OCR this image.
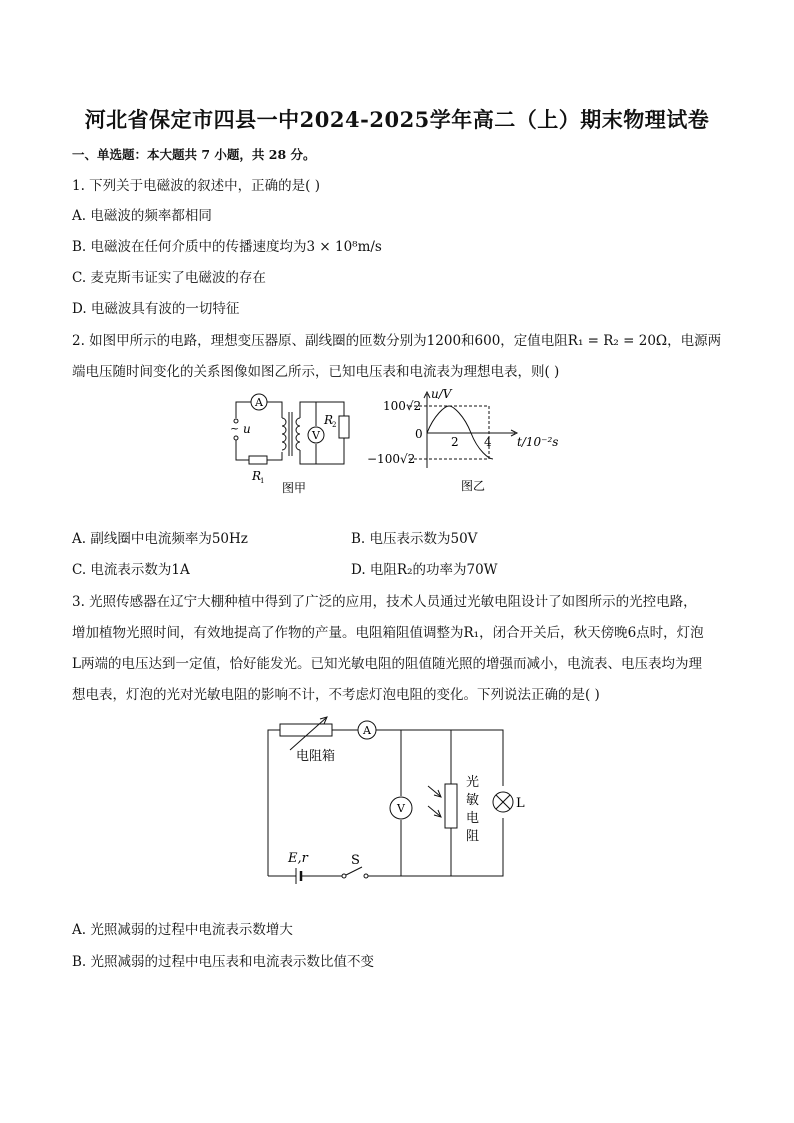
河北省保定市四县一中2024-2025学年高二（上）期末物理试卷
一、单选题：本大题共 7 小题，共 28 分。
1. 下列关于电磁波的叙述中，正确的是( )
A. 电磁波的频率都相同
B. 电磁波在任何介质中的传播速度均为3 × 10⁸m/s
C. 麦克斯韦证实了电磁波的存在
D. 电磁波具有波的一切特征
2. 如图甲所示的电路，理想变压器原、副线圈的匝数分别为1200和600，定值电阻R₁ = R₂ = 20Ω，电源两
端电压随时间变化的关系图像如图乙所示，已知电压表和电流表为理想电表，则( )
A
V
~ u
R
1
R
2
图甲
u/V
100√2
0
−100√2
2 4 t/10⁻²s
图乙
A. 副线圈中电流频率为50Hz	B. 电压表示数为50V
C. 电流表示数为1A	D. 电阻R₂的功率为70W
3. 光照传感器在辽宁大棚种植中得到了广泛的应用，技术人员通过光敏电阻设计了如图所示的光控电路，
增加植物光照时间，有效地提高了作物的产量。电阻箱阻值调整为R₁，闭合开关后，秋天傍晚6点时，灯泡
L两端的电压达到一定值，恰好能发光。已知光敏电阻的阻值随光照的增强而减小，电流表、电压表均为理
想电表，灯泡的光对光敏电阻的影响不计，不考虑灯泡电阻的变化。下列说法正确的是( )
A
V	L
电阻箱
光
敏
电
阻
E,r	S
A. 光照减弱的过程中电流表示数增大
B. 光照减弱的过程中电压表和电流表示数比值不变
